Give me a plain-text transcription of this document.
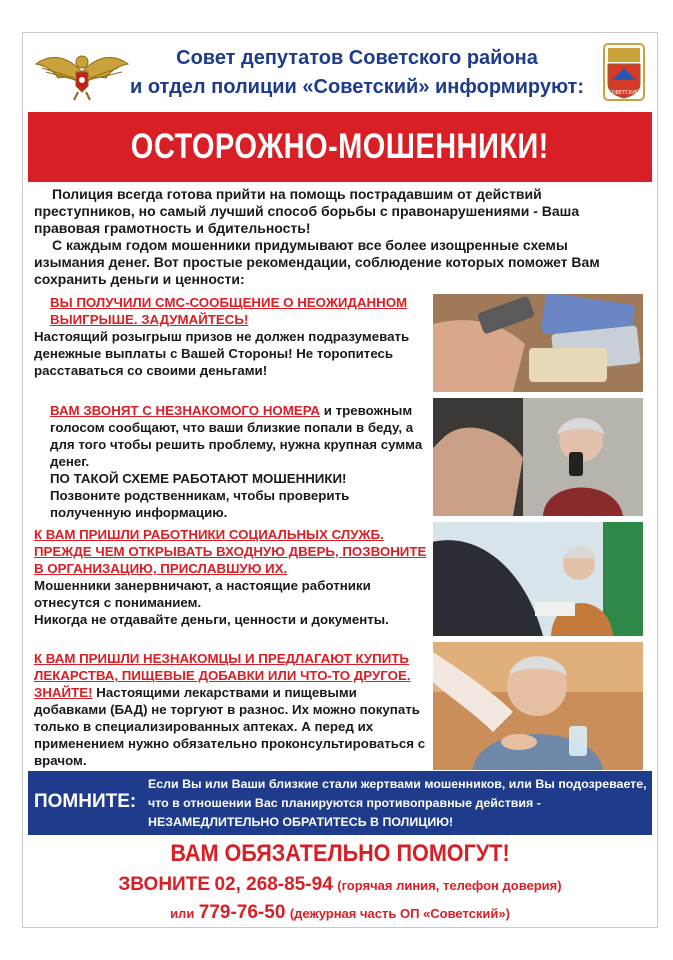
Совет депутатов Советского района
и отдел полиции «Советский» информируют:	СОВЕТСКИЙ
ОСТОРОЖНО-МОШЕННИКИ!

Полиция всегда готова прийти на помощь пострадавшим от действий преступников, но самый лучший способ борьбы с правонарушениями - Ваша правовая грамотность и бдительность!

С каждым годом мошенники придумывают все более изощренные схемы изымания денег. Вот простые рекомендации, соблюдение которых поможет Вам сохранить деньги и ценности:

ВЫ ПОЛУЧИЛИ СМС-СООБЩЕНИЕ О НЕОЖИДАННОМ ВЫИГРЫШЕ. ЗАДУМАЙТЕСЬ!

Настоящий розыгрыш призов не должен подразумевать денежные выплаты с Вашей Стороны! Не торопитесь расставаться со своими деньгами!

ВАМ ЗВОНЯТ С НЕЗНАКОМОГО НОМЕРА и тревожным голосом сообщают, что ваши близкие попали в беду, а для того чтобы решить проблему, нужна крупная сумма денег.

ПО ТАКОЙ СХЕМЕ РАБОТАЮТ МОШЕННИКИ!

Позвоните родственникам, чтобы проверить полученную информацию.

К ВАМ ПРИШЛИ РАБОТНИКИ СОЦИАЛЬНЫХ СЛУЖБ. ПРЕЖДЕ ЧЕМ ОТКРЫВАТЬ ВХОДНУЮ ДВЕРЬ, ПОЗВОНИТЕ В ОРГАНИЗАЦИЮ, ПРИСЛАВШУЮ ИХ.

Мошенники занервничают, а настоящие работники отнесутся с пониманием.

Никогда не отдавайте деньги, ценности и документы.

К ВАМ ПРИШЛИ НЕЗНАКОМЦЫ И ПРЕДЛАГАЮТ КУПИТЬ ЛЕКАРСТВА, ПИЩЕВЫЕ ДОБАВКИ ИЛИ ЧТО-ТО ДРУГОЕ. ЗНАЙТЕ! Настоящими лекарствами и пищевыми добавками (БАД) не торгуют в разнос. Их можно покупать только в специализированных аптеках. А перед их применением нужно обязательно проконсультироваться с врачом.

ПОМНИТЕ:
Если Вы или Ваши близкие стали жертвами мошенников, или Вы подозреваете, что в отношении Вас планируются противоправные действия -
НЕЗАМЕДЛИТЕЛЬНО ОБРАТИТЕСЬ В ПОЛИЦИЮ!
ВАМ ОБЯЗАТЕЛЬНО ПОМОГУТ!
ЗВОНИТЕ 02, 268-85-94 (горячая линия, телефон доверия)
или 779-76-50 (дежурная часть ОП «Советский»)
